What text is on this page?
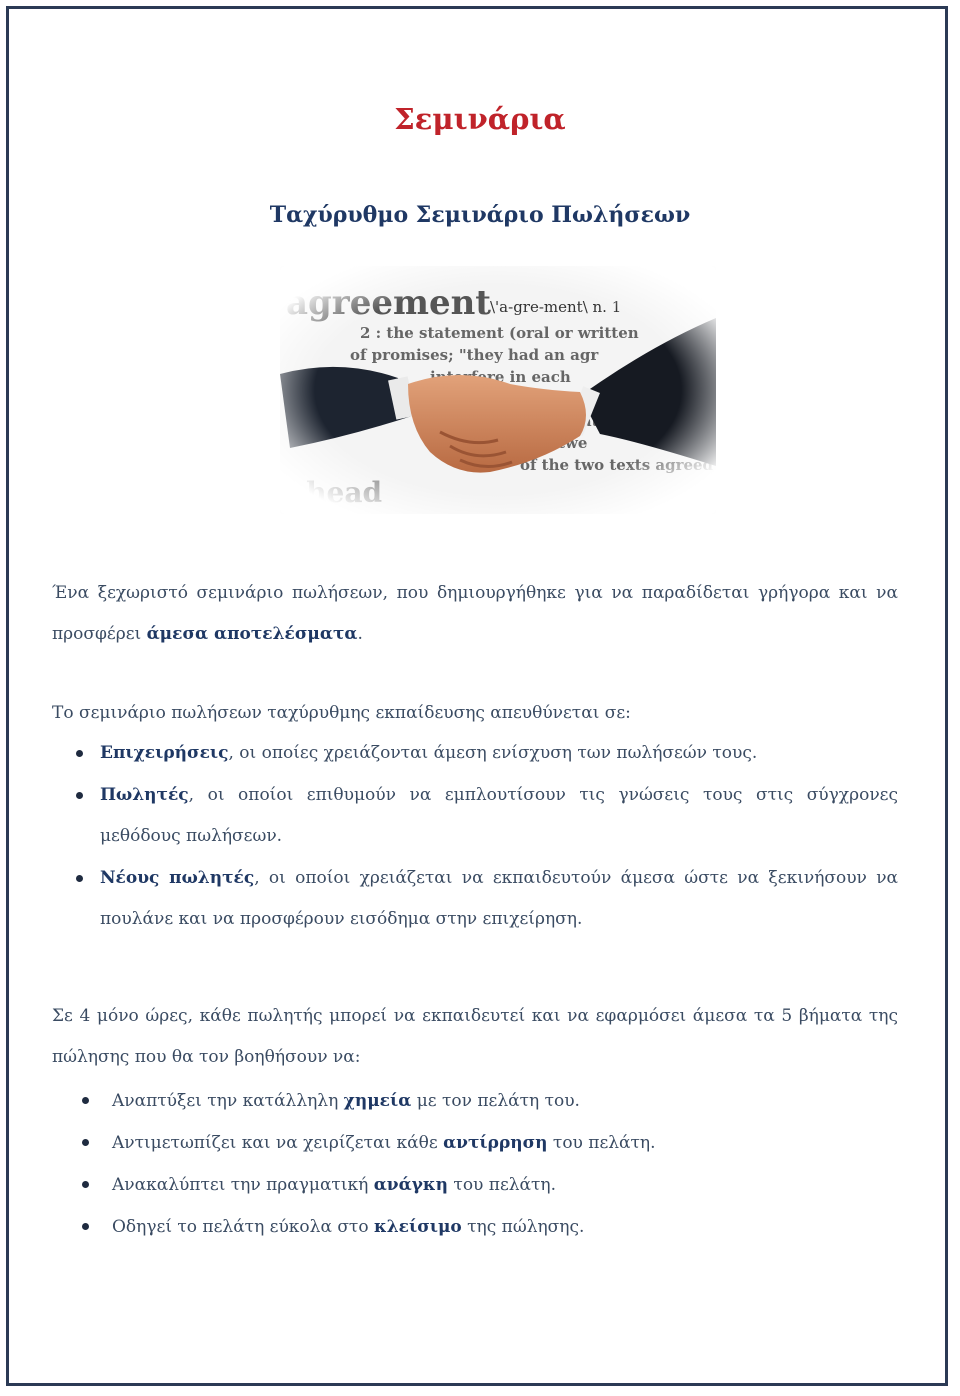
Σεμινάρια
Ταχύρυθμο Σεμινάριο Πωλήσεων
Ένα ξεχωριστό σεμινάριο πωλήσεων, που δημιουργήθηκε για να παραδίδεται γρήγορα και να προσφέρει άμεσα αποτελέσματα.
Το σεμινάριο πωλήσεων ταχύρυθμης εκπαίδευσης απευθύνεται σε:
Επιχειρήσεις, οι οποίες χρειάζονται άμεση ενίσχυση των πωλήσεών τους.
Πωλητές, οι οποίοι επιθυμούν να εμπλουτίσουν τις γνώσεις τους στις σύγχρονες μεθόδους πωλήσεων.
Νέους πωλητές, οι οποίοι χρειάζεται να εκπαιδευτούν άμεσα ώστε να ξεκινήσουν να πουλάνε και να προσφέρουν εισόδημα στην επιχείρηση.
Σε 4 μόνο ώρες, κάθε πωλητής μπορεί να εκπαιδευτεί και να εφαρμόσει άμεσα τα 5 βήματα της πώλησης που θα τον βοηθήσουν να:
Αναπτύξει την κατάλληλη χημεία με τον πελάτη του.
Αντιμετωπίζει και να χειρίζεται κάθε αντίρρηση του πελάτη.
Ανακαλύπτει την πραγματική ανάγκη του πελάτη.
Οδηγεί το πελάτη εύκολα στο κλείσιμο της πώλησης.
